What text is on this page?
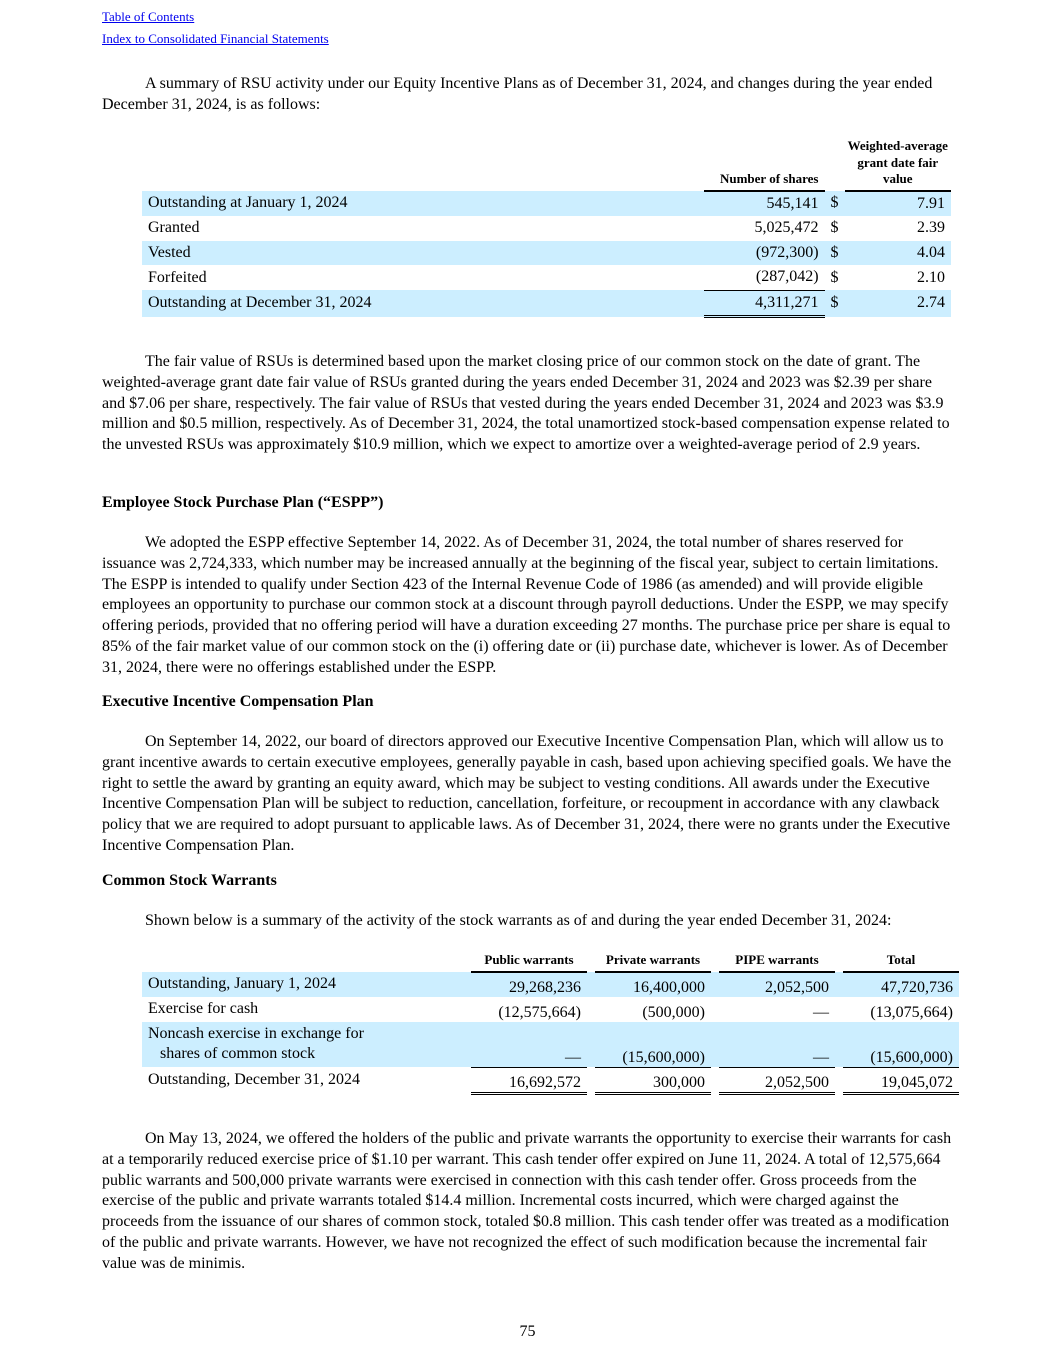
Table of Contents
Index to Consolidated Financial Statements

A summary of RSU activity under our Equity Incentive Plans as of December 31, 2024, and changes during the year ended December 31, 2024, is as follows:

	Number of shares		Weighted-average grant date fair value
Outstanding at January 1, 2024	545,141	$	7.91
Granted	5,025,472	$	2.39
Vested	(972,300)	$	4.04
Forfeited	(287,042)	$	2.10
Outstanding at December 31, 2024	4,311,271	$	2.74

The fair value of RSUs is determined based upon the market closing price of our common stock on the date of grant. The weighted-average grant date fair value of RSUs granted during the years ended December 31, 2024 and 2023 was $2.39 per share and $7.06 per share, respectively. The fair value of RSUs that vested during the years ended December 31, 2024 and 2023 was $3.9 million and $0.5 million, respectively. As of December 31, 2024, the total unamortized stock-based compensation expense related to the unvested RSUs was approximately $10.9 million, which we expect to amortize over a weighted-average period of 2.9 years.

Employee Stock Purchase Plan (“ESPP”)

We adopted the ESPP effective September 14, 2022. As of December 31, 2024, the total number of shares reserved for issuance was 2,724,333, which number may be increased annually at the beginning of the fiscal year, subject to certain limitations. The ESPP is intended to qualify under Section 423 of the Internal Revenue Code of 1986 (as amended) and will provide eligible employees an opportunity to purchase our common stock at a discount through payroll deductions. Under the ESPP, we may specify offering periods, provided that no offering period will have a duration exceeding 27 months. The purchase price per share is equal to 85% of the fair market value of our common stock on the (i) offering date or (ii) purchase date, whichever is lower. As of December 31, 2024, there were no offerings established under the ESPP.

Executive Incentive Compensation Plan

On September 14, 2022, our board of directors approved our Executive Incentive Compensation Plan, which will allow us to grant incentive awards to certain executive employees, generally payable in cash, based upon achieving specified goals. We have the right to settle the award by granting an equity award, which may be subject to vesting conditions. All awards under the Executive Incentive Compensation Plan will be subject to reduction, cancellation, forfeiture, or recoupment in accordance with any clawback policy that we are required to adopt pursuant to applicable laws. As of December 31, 2024, there were no grants under the Executive Incentive Compensation Plan.

Common Stock Warrants

Shown below is a summary of the activity of the stock warrants as of and during the year ended December 31, 2024:

	Public warrants		Private warrants		PIPE warrants		Total

Outstanding, January 1, 2024	29,268,236		16,400,000		2,052,500		47,720,736

Exercise for cash	(12,575,664)		(500,000)		—		(13,075,664)

Noncash exercise in exchange for
shares of common stock	—		(15,600,000)		—		(15,600,000)

Outstanding, December 31, 2024	16,692,572		300,000		2,052,500		19,045,072

On May 13, 2024, we offered the holders of the public and private warrants the opportunity to exercise their warrants for cash at a temporarily reduced exercise price of $1.10 per warrant. This cash tender offer expired on June 11, 2024. A total of 12,575,664 public warrants and 500,000 private warrants were exercised in connection with this cash tender offer. Gross proceeds from the exercise of the public and private warrants totaled $14.4 million. Incremental costs incurred, which were charged against the proceeds from the issuance of our shares of common stock, totaled $0.8 million. This cash tender offer was treated as a modification of the public and private warrants. However, we have not recognized the effect of such modification because the incremental fair value was de minimis.

75
